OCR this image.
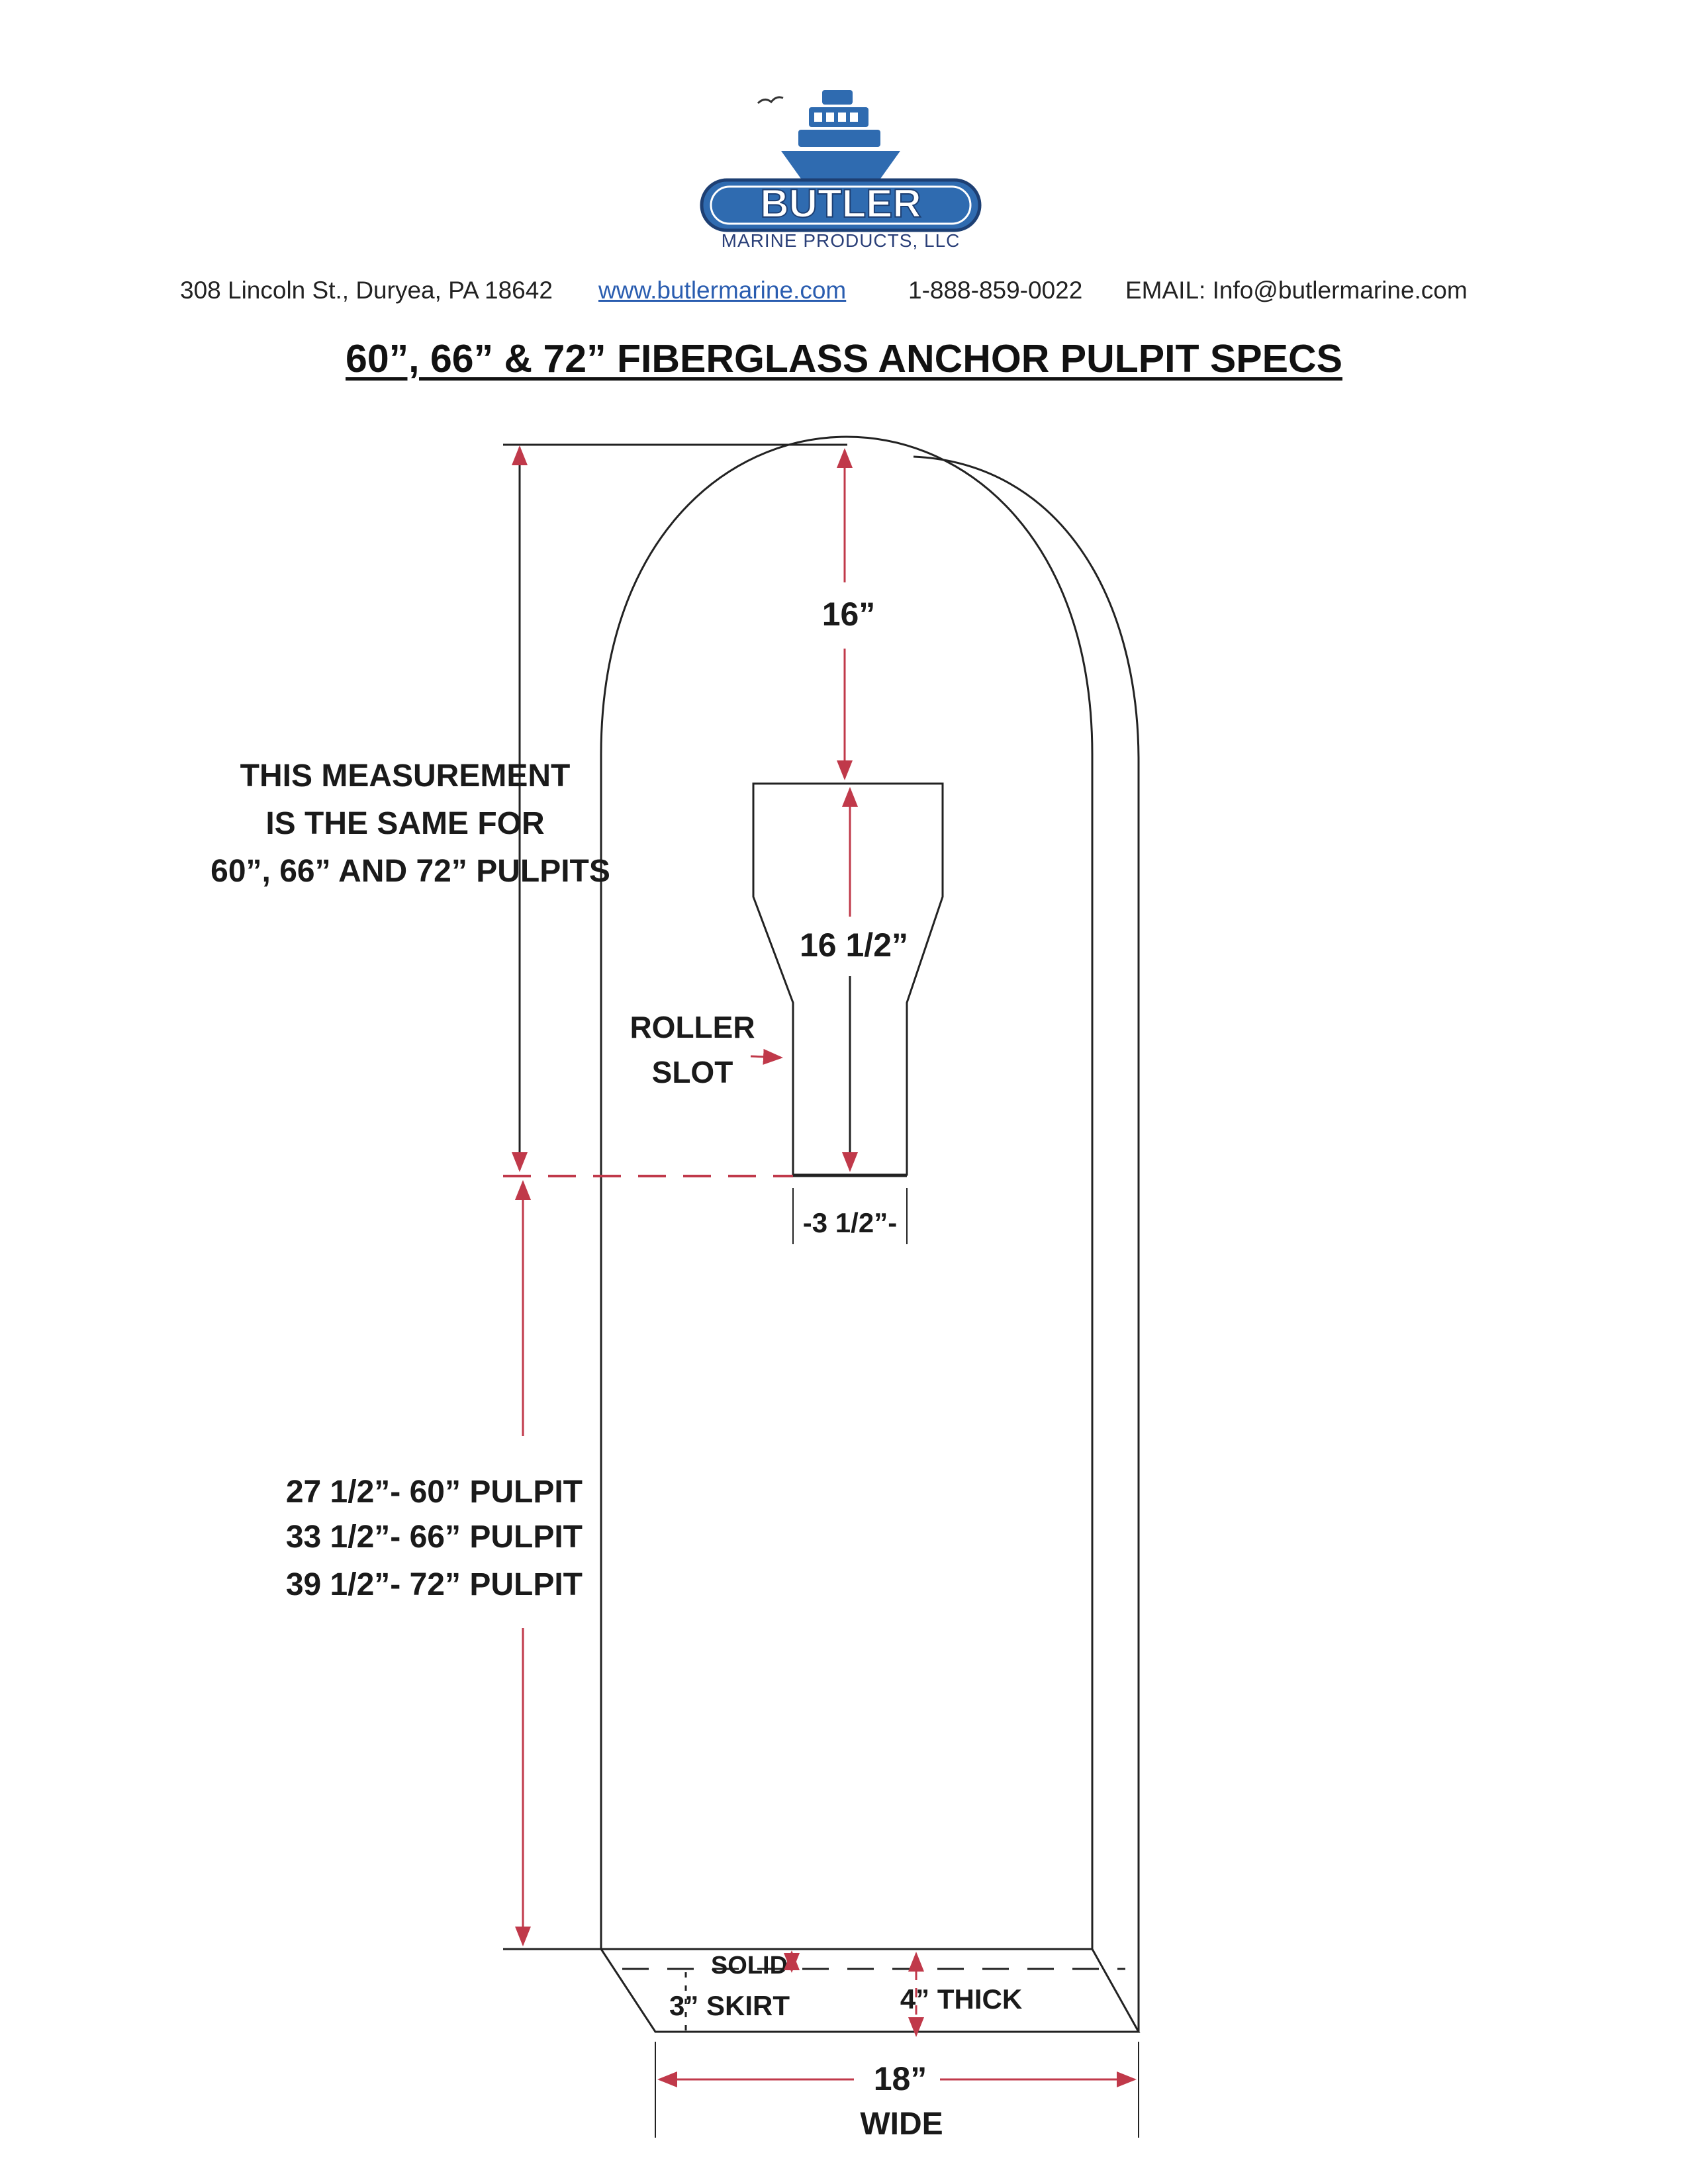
BUTLER
MARINE PRODUCTS, LLC
308 Lincoln St., Duryea, PA 18642 www.butlermarine.com	1-888-859-0022 EMAIL: Info@butlermarine.com
60”, 66” & 72” FIBERGLASS ANCHOR PULPIT SPECS
16”
16 1/2”
-3 1/2”-
ROLLER
SLOT
THIS MEASUREMENT
IS THE SAME FOR
60”, 66” AND 72” PULPITS
27 1/2”- 60” PULPIT
33 1/2”- 66” PULPIT
39 1/2”- 72” PULPIT
SOLID
3” SKIRT	4” THICK
18”
WIDE
